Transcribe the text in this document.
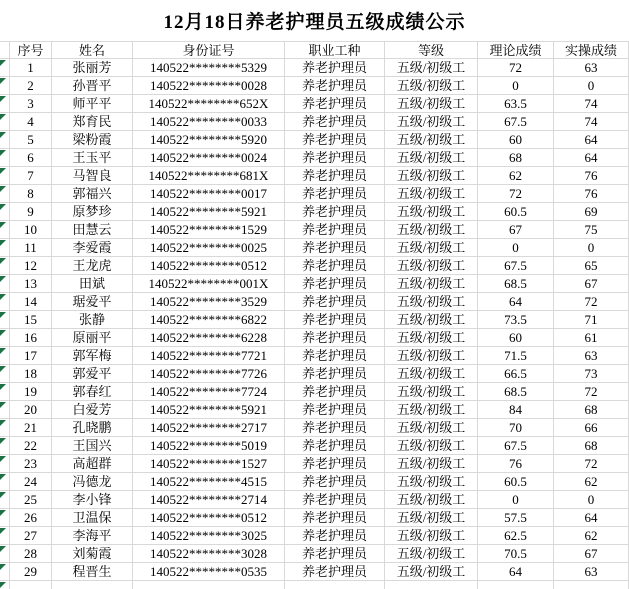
12月18日养老护理员五级成绩公示
序号	姓名	身份证号	职业工种	等级	理论成绩	实操成绩
1	张丽芳	140522********5329	养老护理员	五级/初级工	72	63
2	孙晋平	140522********0028	养老护理员	五级/初级工	0	0
3	师平平	140522********652X	养老护理员	五级/初级工	63.5	74
4	郑育民	140522********0033	养老护理员	五级/初级工	67.5	74
5	梁粉霞	140522********5920	养老护理员	五级/初级工	60	64
6	王玉平	140522********0024	养老护理员	五级/初级工	68	64
7	马智良	140522********681X	养老护理员	五级/初级工	62	76
8	郭福兴	140522********0017	养老护理员	五级/初级工	72	76
9	原梦珍	140522********5921	养老护理员	五级/初级工	60.5	69
10	田慧云	140522********1529	养老护理员	五级/初级工	67	75
11	李爱霞	140522********0025	养老护理员	五级/初级工	0	0
12	王龙虎	140522********0512	养老护理员	五级/初级工	67.5	65
13	田斌	140522********001X	养老护理员	五级/初级工	68.5	67
14	琚爱平	140522********3529	养老护理员	五级/初级工	64	72
15	张静	140522********6822	养老护理员	五级/初级工	73.5	71
16	原丽平	140522********6228	养老护理员	五级/初级工	60	61
17	郭军梅	140522********7721	养老护理员	五级/初级工	71.5	63
18	郭爱平	140522********7726	养老护理员	五级/初级工	66.5	73
19	郭春红	140522********7724	养老护理员	五级/初级工	68.5	72
20	白爱芳	140522********5921	养老护理员	五级/初级工	84	68
21	孔晓鹏	140522********2717	养老护理员	五级/初级工	70	66
22	王国兴	140522********5019	养老护理员	五级/初级工	67.5	68
23	高超群	140522********1527	养老护理员	五级/初级工	76	72
24	冯德龙	140522********4515	养老护理员	五级/初级工	60.5	62
25	李小锋	140522********2714	养老护理员	五级/初级工	0	0
26	卫温保	140522********0512	养老护理员	五级/初级工	57.5	64
27	李海平	140522********3025	养老护理员	五级/初级工	62.5	62
28	刘菊霞	140522********3028	养老护理员	五级/初级工	70.5	67
29	程晋生	140522********0535	养老护理员	五级/初级工	64	63
